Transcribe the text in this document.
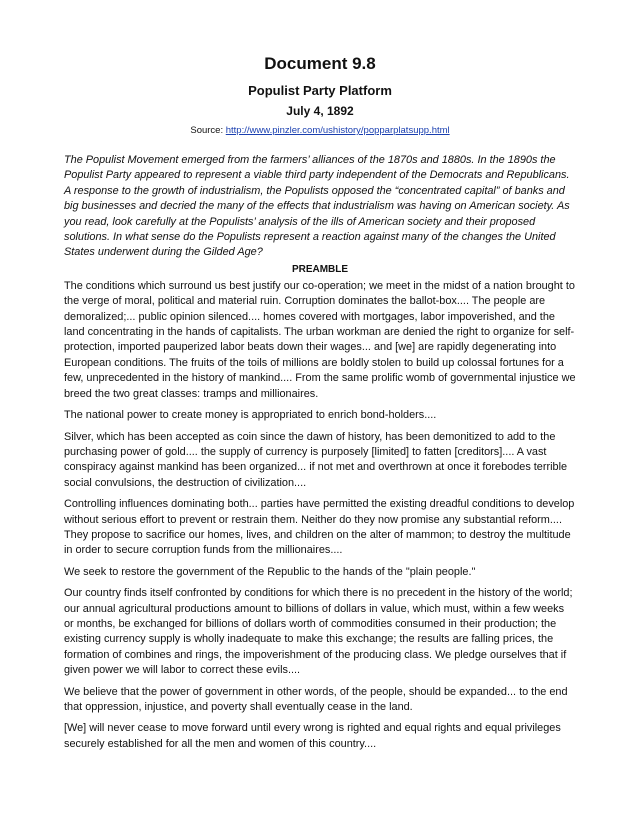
Document 9.8
Populist Party Platform
July 4, 1892
Source: http://www.pinzler.com/ushistory/popparplatsupp.html

The Populist Movement emerged from the farmers’ alliances of the 1870s and 1880s. In the 1890s the Populist Party appeared to represent a viable third party independent of the Democrats and Republicans. A response to the growth of industrialism, the Populists opposed the “concentrated capital” of banks and big businesses and decried the many of the effects that industrialism was having on American society. As you read, look carefully at the Populists’ analysis of the ills of American society and their proposed solutions. In what sense do the Populists represent a reaction against many of the changes the United States underwent during the Gilded Age?

PREAMBLE

The conditions which surround us best justify our co-operation; we meet in the midst of a nation brought to the verge of moral, political and material ruin. Corruption dominates the ballot-box.... The people are demoralized;... public opinion silenced.... homes covered with mortgages, labor impoverished, and the land concentrating in the hands of capitalists. The urban workman are denied the right to organize for self-protection, imported pauperized labor beats down their wages... and [we] are rapidly degenerating into European conditions. The fruits of the toils of millions are boldly stolen to build up colossal fortunes for a few, unprecedented in the history of mankind.... From the same prolific womb of governmental injustice we breed the two great classes: tramps and millionaires.

The national power to create money is appropriated to enrich bond-holders....

Silver, which has been accepted as coin since the dawn of history, has been demonitized to add to the purchasing power of gold.... the supply of currency is purposely [limited] to fatten [creditors].... A vast conspiracy against mankind has been organized... if not met and overthrown at once it forebodes terrible social convulsions, the destruction of civilization....

Controlling influences dominating both... parties have permitted the existing dreadful conditions to develop without serious effort to prevent or restrain them. Neither do they now promise any substantial reform.... They propose to sacrifice our homes, lives, and children on the alter of mammon; to destroy the multitude in order to secure corruption funds from the millionaires....

We seek to restore the government of the Republic to the hands of the "plain people."

Our country finds itself confronted by conditions for which there is no precedent in the history of the world; our annual agricultural productions amount to billions of dollars in value, which must, within a few weeks or months, be exchanged for billions of dollars worth of commodities consumed in their production; the existing currency supply is wholly inadequate to make this exchange; the results are falling prices, the formation of combines and rings, the impoverishment of the producing class. We pledge ourselves that if given power we will labor to correct these evils....

We believe that the power of government in other words, of the people, should be expanded... to the end that oppression, injustice, and poverty shall eventually cease in the land.

[We] will never cease to move forward until every wrong is righted and equal rights and equal privileges securely established for all the men and women of this country....
